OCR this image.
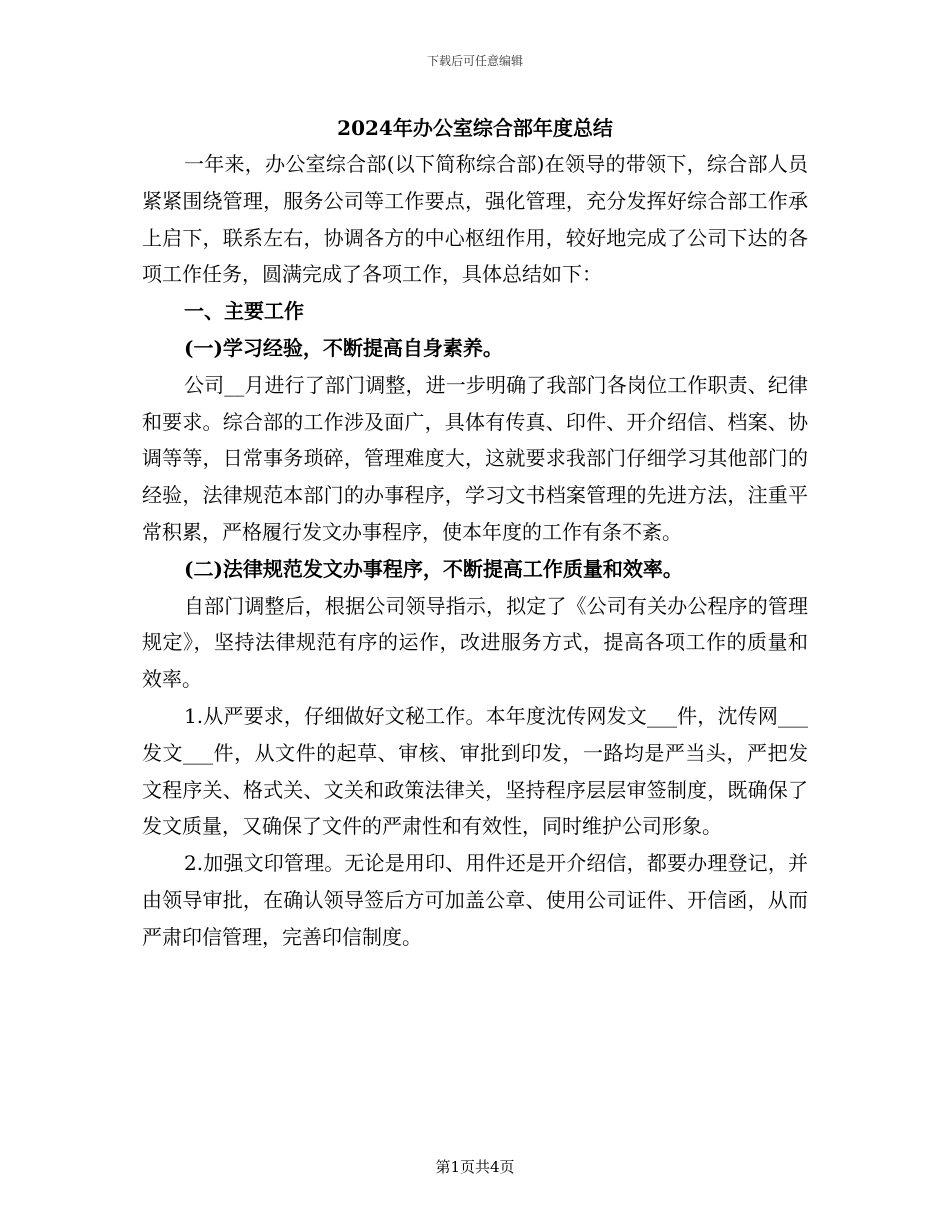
下载后可任意编辑
2024年办公室综合部年度总结

一年来，办公室综合部(以下简称综合部)在领导的带领下，综合部人员紧紧围绕管理，服务公司等工作要点，强化管理，充分发挥好综合部工作承上启下，联系左右，协调各方的中心枢纽作用，较好地完成了公司下达的各项工作任务，圆满完成了各项工作，具体总结如下：

一、主要工作

(一)学习经验，不断提高自身素养。

公司__月进行了部门调整，进一步明确了我部门各岗位工作职责、纪律和要求。综合部的工作涉及面广，具体有传真、印件、开介绍信、档案、协调等等，日常事务琐碎，管理难度大，这就要求我部门仔细学习其他部门的经验，法律规范本部门的办事程序，学习文书档案管理的先进方法，注重平常积累，严格履行发文办事程序，使本年度的工作有条不紊。

(二)法律规范发文办事程序，不断提高工作质量和效率。

自部门调整后，根据公司领导指示，拟定了《公司有关办公程序的管理规定》，坚持法律规范有序的运作，改进服务方式，提高各项工作的质量和效率。

1.从严要求，仔细做好文秘工作。本年度沈传网发文___件，沈传网___发文___件，从文件的起草、审核、审批到印发，一路均是严当头，严把发文程序关、格式关、文关和政策法律关，坚持程序层层审签制度，既确保了发文质量，又确保了文件的严肃性和有效性，同时维护公司形象。

2.加强文印管理。无论是用印、用件还是开介绍信，都要办理登记，并由领导审批，在确认领导签后方可加盖公章、使用公司证件、开信函，从而严肃印信管理，完善印信制度。

第1页共4页
